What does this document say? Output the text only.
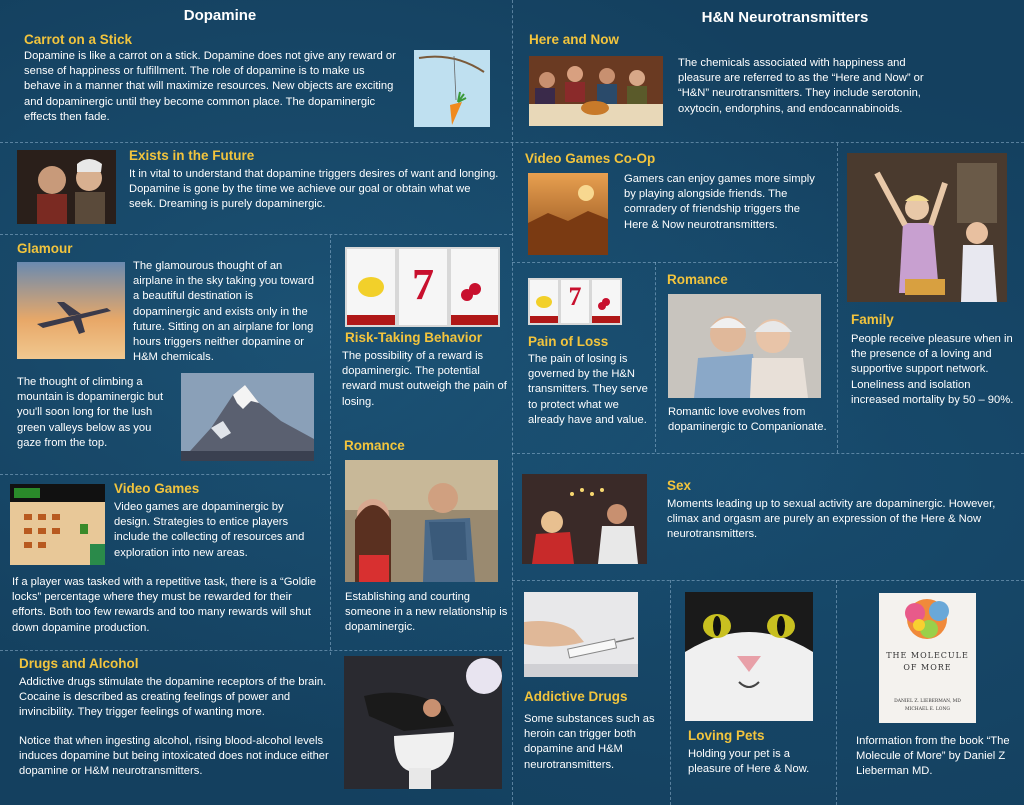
Dopamine	H&N Neurotransmitters
Carrot on a Stick
Dopamine is like a carrot on a stick. Dopamine does not give any reward or sense of happiness or fulfillment. The role of dopamine is to make us behave in a manner that will maximize resources. New objects are exciting and dopaminergic until they become common place. The dopaminergic effects then fade.
Exists in the Future
It in vital to understand that dopamine triggers desires of want and longing. Dopamine is gone by the time we achieve our goal or obtain what we seek. Dreaming is purely dopaminergic.
Glamour
The glamourous thought of an airplane in the sky taking you toward a beautiful destination is dopaminergic and exists only in the future. Sitting on an airplane for long hours triggers neither dopamine or H&M chemicals.
The thought of climbing a mountain is dopaminergic but you'll soon long for the lush green valleys below as you gaze from the top.
7
Risk-Taking Behavior
The possibility of a reward is dopaminergic. The potential reward must outweigh the pain of losing.
Video Games
Video games are dopaminergic by design. Strategies to entice players include the collecting of resources and exploration into new areas.
If a player was tasked with a repetitive task, there is a “Goldie locks” percentage where they must be rewarded for their efforts. Both too few rewards and too many rewards will shut down dopamine production.
Romance
Establishing and courting someone in a new relationship is dopaminergic.
Drugs and Alcohol
Addictive drugs stimulate the dopamine receptors of the brain. Cocaine is described as creating feelings of power and invincibility. They trigger feelings of wanting more.
Notice that when ingesting alcohol, rising blood-alcohol levels induces dopamine but being intoxicated does not induce either dopamine or H&M neurotransmitters.
Here and Now
The chemicals associated with happiness and pleasure are referred to as the “Here and Now” or “H&N” neurotransmitters. They include serotonin, oxytocin, endorphins, and endocannabinoids.
Video Games Co-Op
Gamers can enjoy games more simply by playing alongside friends. The comradery of friendship triggers the Here & Now neurotransmitters.
Family
People receive pleasure when in the presence of a loving and supportive support network. Loneliness and isolation increased mortality by 50 – 90%.
7
Pain of Loss
The pain of losing is governed by the H&N transmitters. They serve to protect what we already have and value.
Romance
Romantic love evolves from dopaminergic to Companionate.
Sex
Moments leading up to sexual activity are dopaminergic. However, climax and orgasm are purely an expression of the Here & Now neurotransmitters.
Addictive Drugs
Some substances such as heroin can trigger both dopamine and H&M neurotransmitters.
Loving Pets
Holding your pet is a pleasure of Here & Now.
THE MOLECULE
OF MORE
DANIEL Z. LIEBERMAN, MD
MICHAEL E. LONG
Information from the book “The Molecule of More” by Daniel Z Lieberman MD.
